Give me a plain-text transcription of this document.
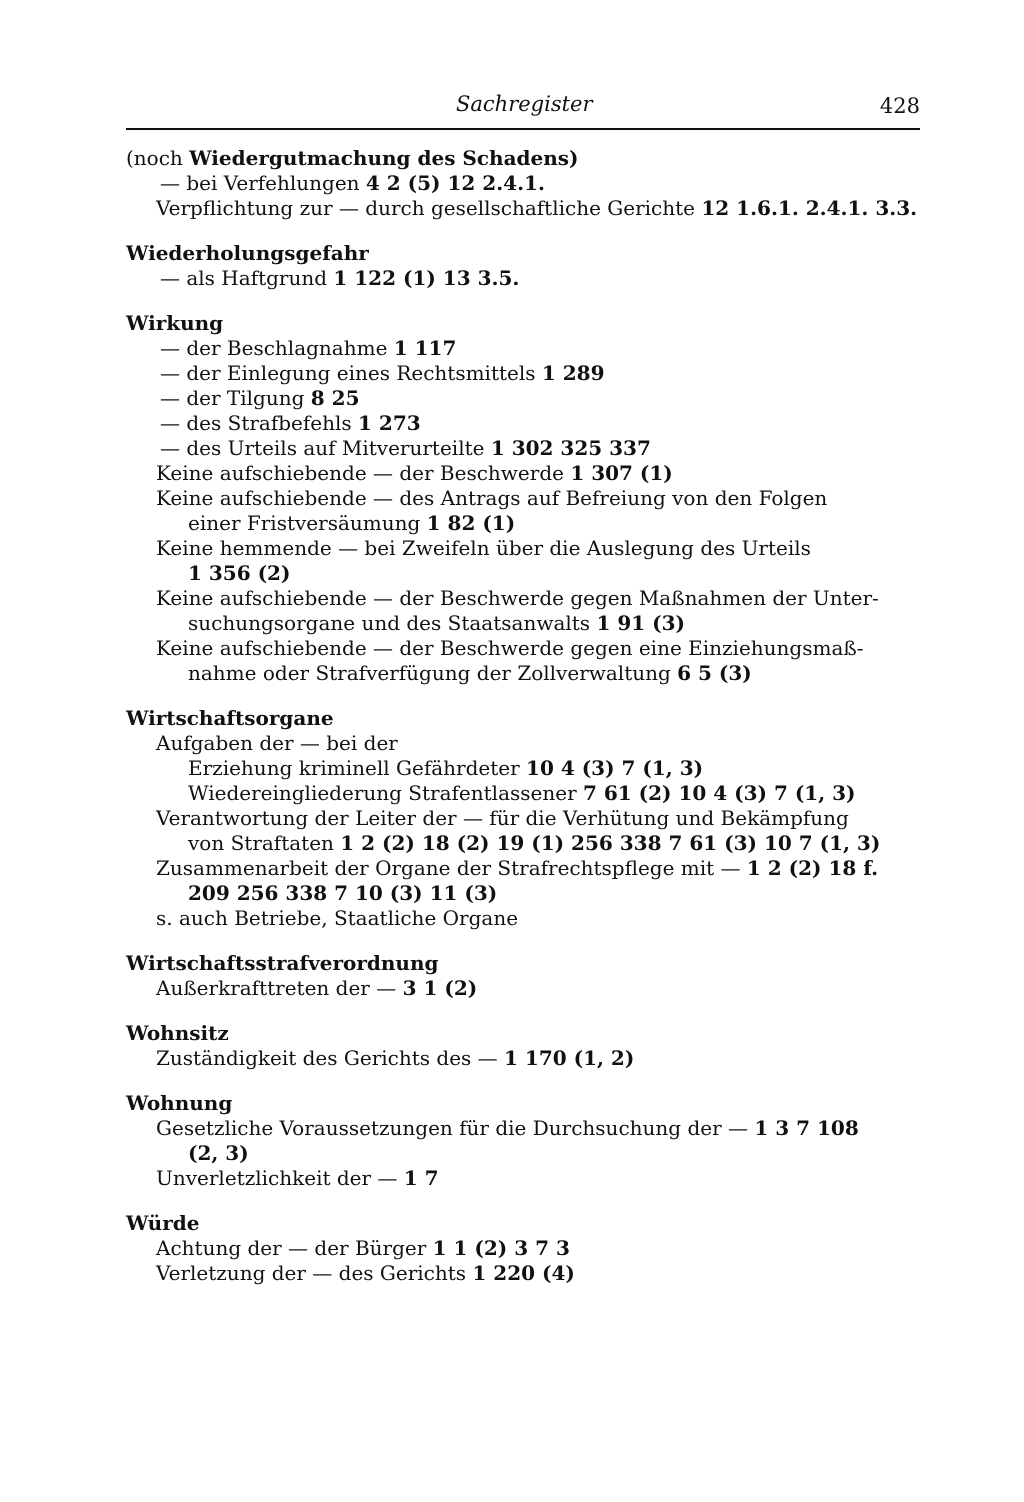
Sachregister	428
(noch Wiedergutmachung des Schadens)
— bei Verfehlungen 4 2 (5) 12 2.4.1.
Verpflichtung zur — durch gesellschaftliche Gerichte 12 1.6.1. 2.4.1. 3.3.
Wiederholungsgefahr
— als Haftgrund 1 122 (1) 13 3.5.
Wirkung
— der Beschlagnahme 1 117
— der Einlegung eines Rechtsmittels 1 289
— der Tilgung 8 25
— des Strafbefehls 1 273
— des Urteils auf Mitverurteilte 1 302 325 337
Keine aufschiebende — der Beschwerde 1 307 (1)
Keine aufschiebende — des Antrags auf Befreiung von den Folgen
einer Fristversäumung 1 82 (1)
Keine hemmende — bei Zweifeln über die Auslegung des Urteils
1 356 (2)
Keine aufschiebende — der Beschwerde gegen Maßnahmen der Unter-
suchungsorgane und des Staatsanwalts 1 91 (3)
Keine aufschiebende — der Beschwerde gegen eine Einziehungsmaß-
nahme oder Strafverfügung der Zollverwaltung 6 5 (3)
Wirtschaftsorgane
Aufgaben der — bei der
Erziehung kriminell Gefährdeter 10 4 (3) 7 (1, 3)
Wiedereingliederung Strafentlassener 7 61 (2) 10 4 (3) 7 (1, 3)
Verantwortung der Leiter der — für die Verhütung und Bekämpfung
von Straftaten 1 2 (2) 18 (2) 19 (1) 256 338 7 61 (3) 10 7 (1, 3)
Zusammenarbeit der Organe der Strafrechtspflege mit — 1 2 (2) 18 f.
209 256 338 7 10 (3) 11 (3)
s. auch Betriebe, Staatliche Organe
Wirtschaftsstrafverordnung
Außerkrafttreten der — 3 1 (2)
Wohnsitz
Zuständigkeit des Gerichts des — 1 170 (1, 2)
Wohnung
Gesetzliche Voraussetzungen für die Durchsuchung der — 1 3 7 108
(2, 3)
Unverletzlichkeit der — 1 7
Würde
Achtung der — der Bürger 1 1 (2) 3 7 3
Verletzung der — des Gerichts 1 220 (4)
